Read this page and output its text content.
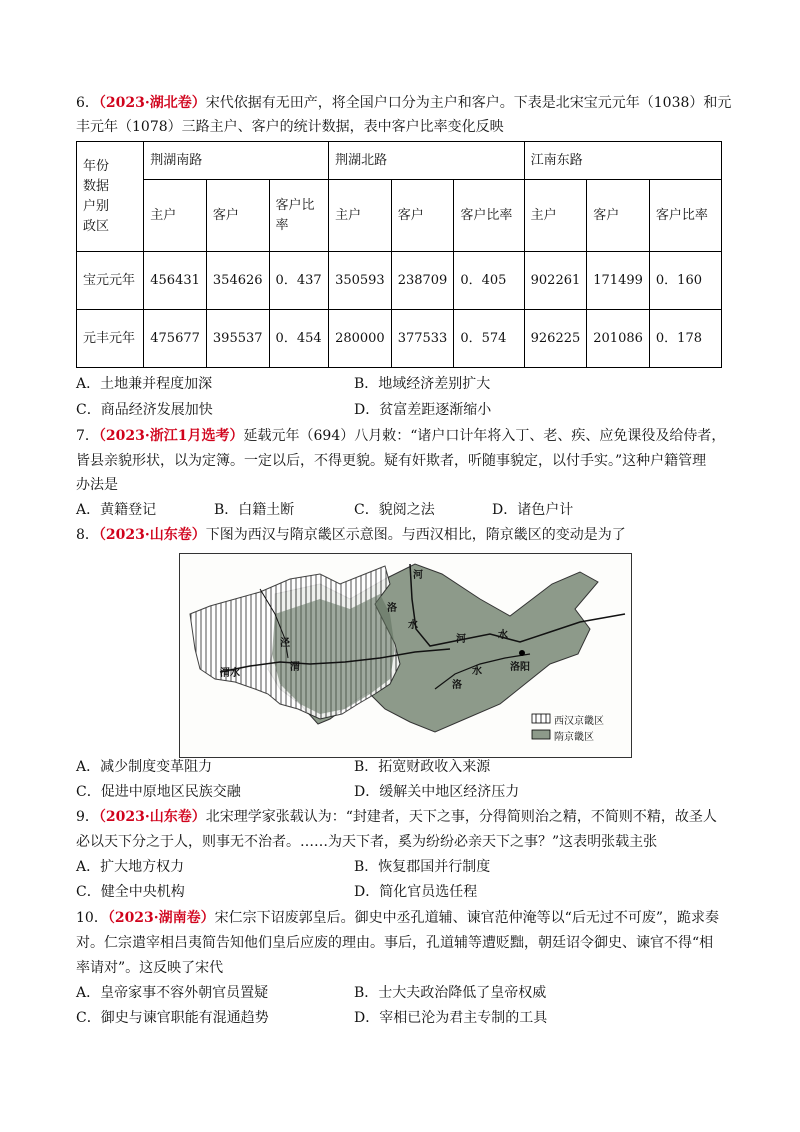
6．（2023·湖北卷）宋代依据有无田产，将全国户口分为主户和客户。下表是北宋宝元元年（1038）和元
丰元年（1078）三路主户、客户的统计数据，表中客户比率变化反映
年份
数据
户别
政区	荆湖南路			荆湖北路			江南东路		
	主户	客户	客户比率	主户	客户	客户比率	主户	客户	客户比率
宝元元年	456431	354626	0．437	350593	238709	0．405	902261	171499	0．160
元丰元年	475677	395537	0．454	280000	377533	0．574	926225	201086	0．178
A．土地兼并程度加深	B．地域经济差别扩大
C．商品经济发展加快	D．贫富差距逐渐缩小
7．（2023·浙江1月选考）延载元年（694）八月敕：“诸户口计年将入丁、老、疾、应免课役及给侍者，
皆县亲貌形状，以为定簿。一定以后，不得更貌。疑有奸欺者，听随事貌定，以付手实。”这种户籍管理
办法是
A．黄籍登记	B．白籍土断	C．貌阅之法	D．诸色户计
8．（2023·山东卷）下图为西汉与隋京畿区示意图。与西汉相比，隋京畿区的变动是为了
河
洛
泾
渭水
渭
水
河	水
洛
水	洛阳
西汉京畿区
隋京畿区
A．减少制度变革阻力	B．拓宽财政收入来源
C．促进中原地区民族交融	D．缓解关中地区经济压力
9．（2023·山东卷）北宋理学家张载认为：“封建者，天下之事，分得简则治之精，不简则不精，故圣人
必以天下分之于人，则事无不治者。……为天下者，奚为纷纷必亲天下之事？”这表明张载主张
A．扩大地方权力	B．恢复郡国并行制度
C．健全中央机构	D．简化官员选任程
10．（2023·湖南卷）宋仁宗下诏废郭皇后。御史中丞孔道辅、谏官范仲淹等以“后无过不可废”，跪求奏
对。仁宗遣宰相吕夷简告知他们皇后应废的理由。事后，孔道辅等遭贬黜，朝廷诏令御史、谏官不得“相
率请对”。这反映了宋代
A．皇帝家事不容外朝官员置疑	B．士大夫政治降低了皇帝权威
C．御史与谏官职能有混通趋势	D．宰相已沦为君主专制的工具
